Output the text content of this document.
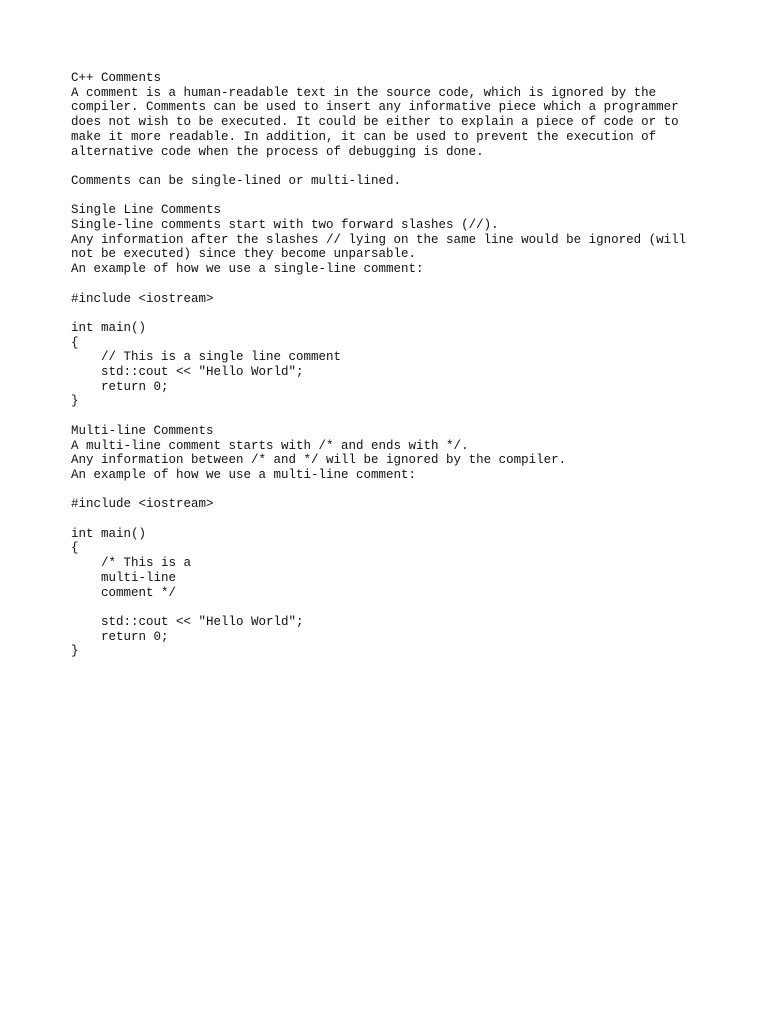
C++ Comments
A comment is a human-readable text in the source code, which is ignored by the
compiler. Comments can be used to insert any informative piece which a programmer
does not wish to be executed. It could be either to explain a piece of code or to
make it more readable. In addition, it can be used to prevent the execution of
alternative code when the process of debugging is done.
Comments can be single-lined or multi-lined.
Single Line Comments
Single-line comments start with two forward slashes (//).
Any information after the slashes // lying on the same line would be ignored (will
not be executed) since they become unparsable.
An example of how we use a single-line comment:
#include <iostream>
int main()
{
// This is a single line comment
std::cout << "Hello World";
return 0;
}
Multi-line Comments
A multi-line comment starts with /* and ends with */.
Any information between /* and */ will be ignored by the compiler.
An example of how we use a multi-line comment:
#include <iostream>
int main()
{
/* This is a
multi-line
comment */
std::cout << "Hello World";
return 0;
}
